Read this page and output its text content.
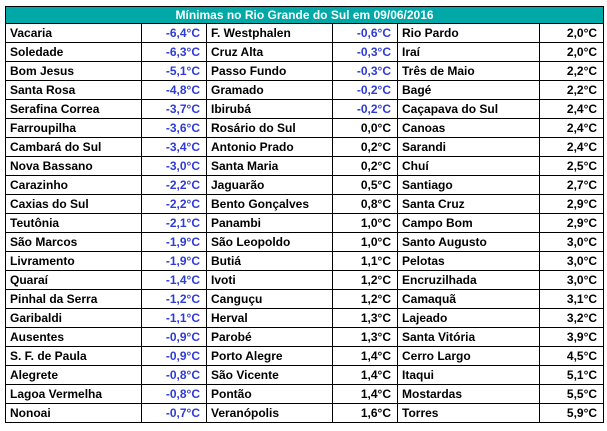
Mínimas no Rio Grande do Sul em 09/06/2016					
Vacaria	-6,4°C	F. Westphalen	-0,6°C	Rio Pardo	2,0°C
Soledade	-6,3°C	Cruz Alta	-0,3°C	Iraí	2,0°C
Bom Jesus	-5,1°C	Passo Fundo	-0,3°C	Três de Maio	2,2°C
Santa Rosa	-4,8°C	Gramado	-0,2°C	Bagé	2,2°C
Serafina Correa	-3,7°C	Ibirubá	-0,2°C	Caçapava do Sul	2,4°C
Farroupilha	-3,6°C	Rosário do Sul	0,0°C	Canoas	2,4°C
Cambará do Sul	-3,4°C	Antonio Prado	0,2°C	Sarandi	2,4°C
Nova Bassano	-3,0°C	Santa Maria	0,2°C	Chuí	2,5°C
Carazinho	-2,2°C	Jaguarão	0,5°C	Santiago	2,7°C
Caxias do Sul	-2,2°C	Bento Gonçalves	0,8°C	Santa Cruz	2,9°C
Teutônia	-2,1°C	Panambi	1,0°C	Campo Bom	2,9°C
São Marcos	-1,9°C	São Leopoldo	1,0°C	Santo Augusto	3,0°C
Livramento	-1,9°C	Butiá	1,1°C	Pelotas	3,0°C
Quaraí	-1,4°C	Ivoti	1,2°C	Encruzilhada	3,0°C
Pinhal da Serra	-1,2°C	Canguçu	1,2°C	Camaquã	3,1°C
Garibaldi	-1,1°C	Herval	1,3°C	Lajeado	3,2°C
Ausentes	-0,9°C	Parobé	1,3°C	Santa Vitória	3,9°C
S. F. de Paula	-0,9°C	Porto Alegre	1,4°C	Cerro Largo	4,5°C
Alegrete	-0,8°C	São Vicente	1,4°C	Itaqui	5,1°C
Lagoa Vermelha	-0,8°C	Pontão	1,4°C	Mostardas	5,5°C
Nonoai	-0,7°C	Veranópolis	1,6°C	Torres	5,9°C
